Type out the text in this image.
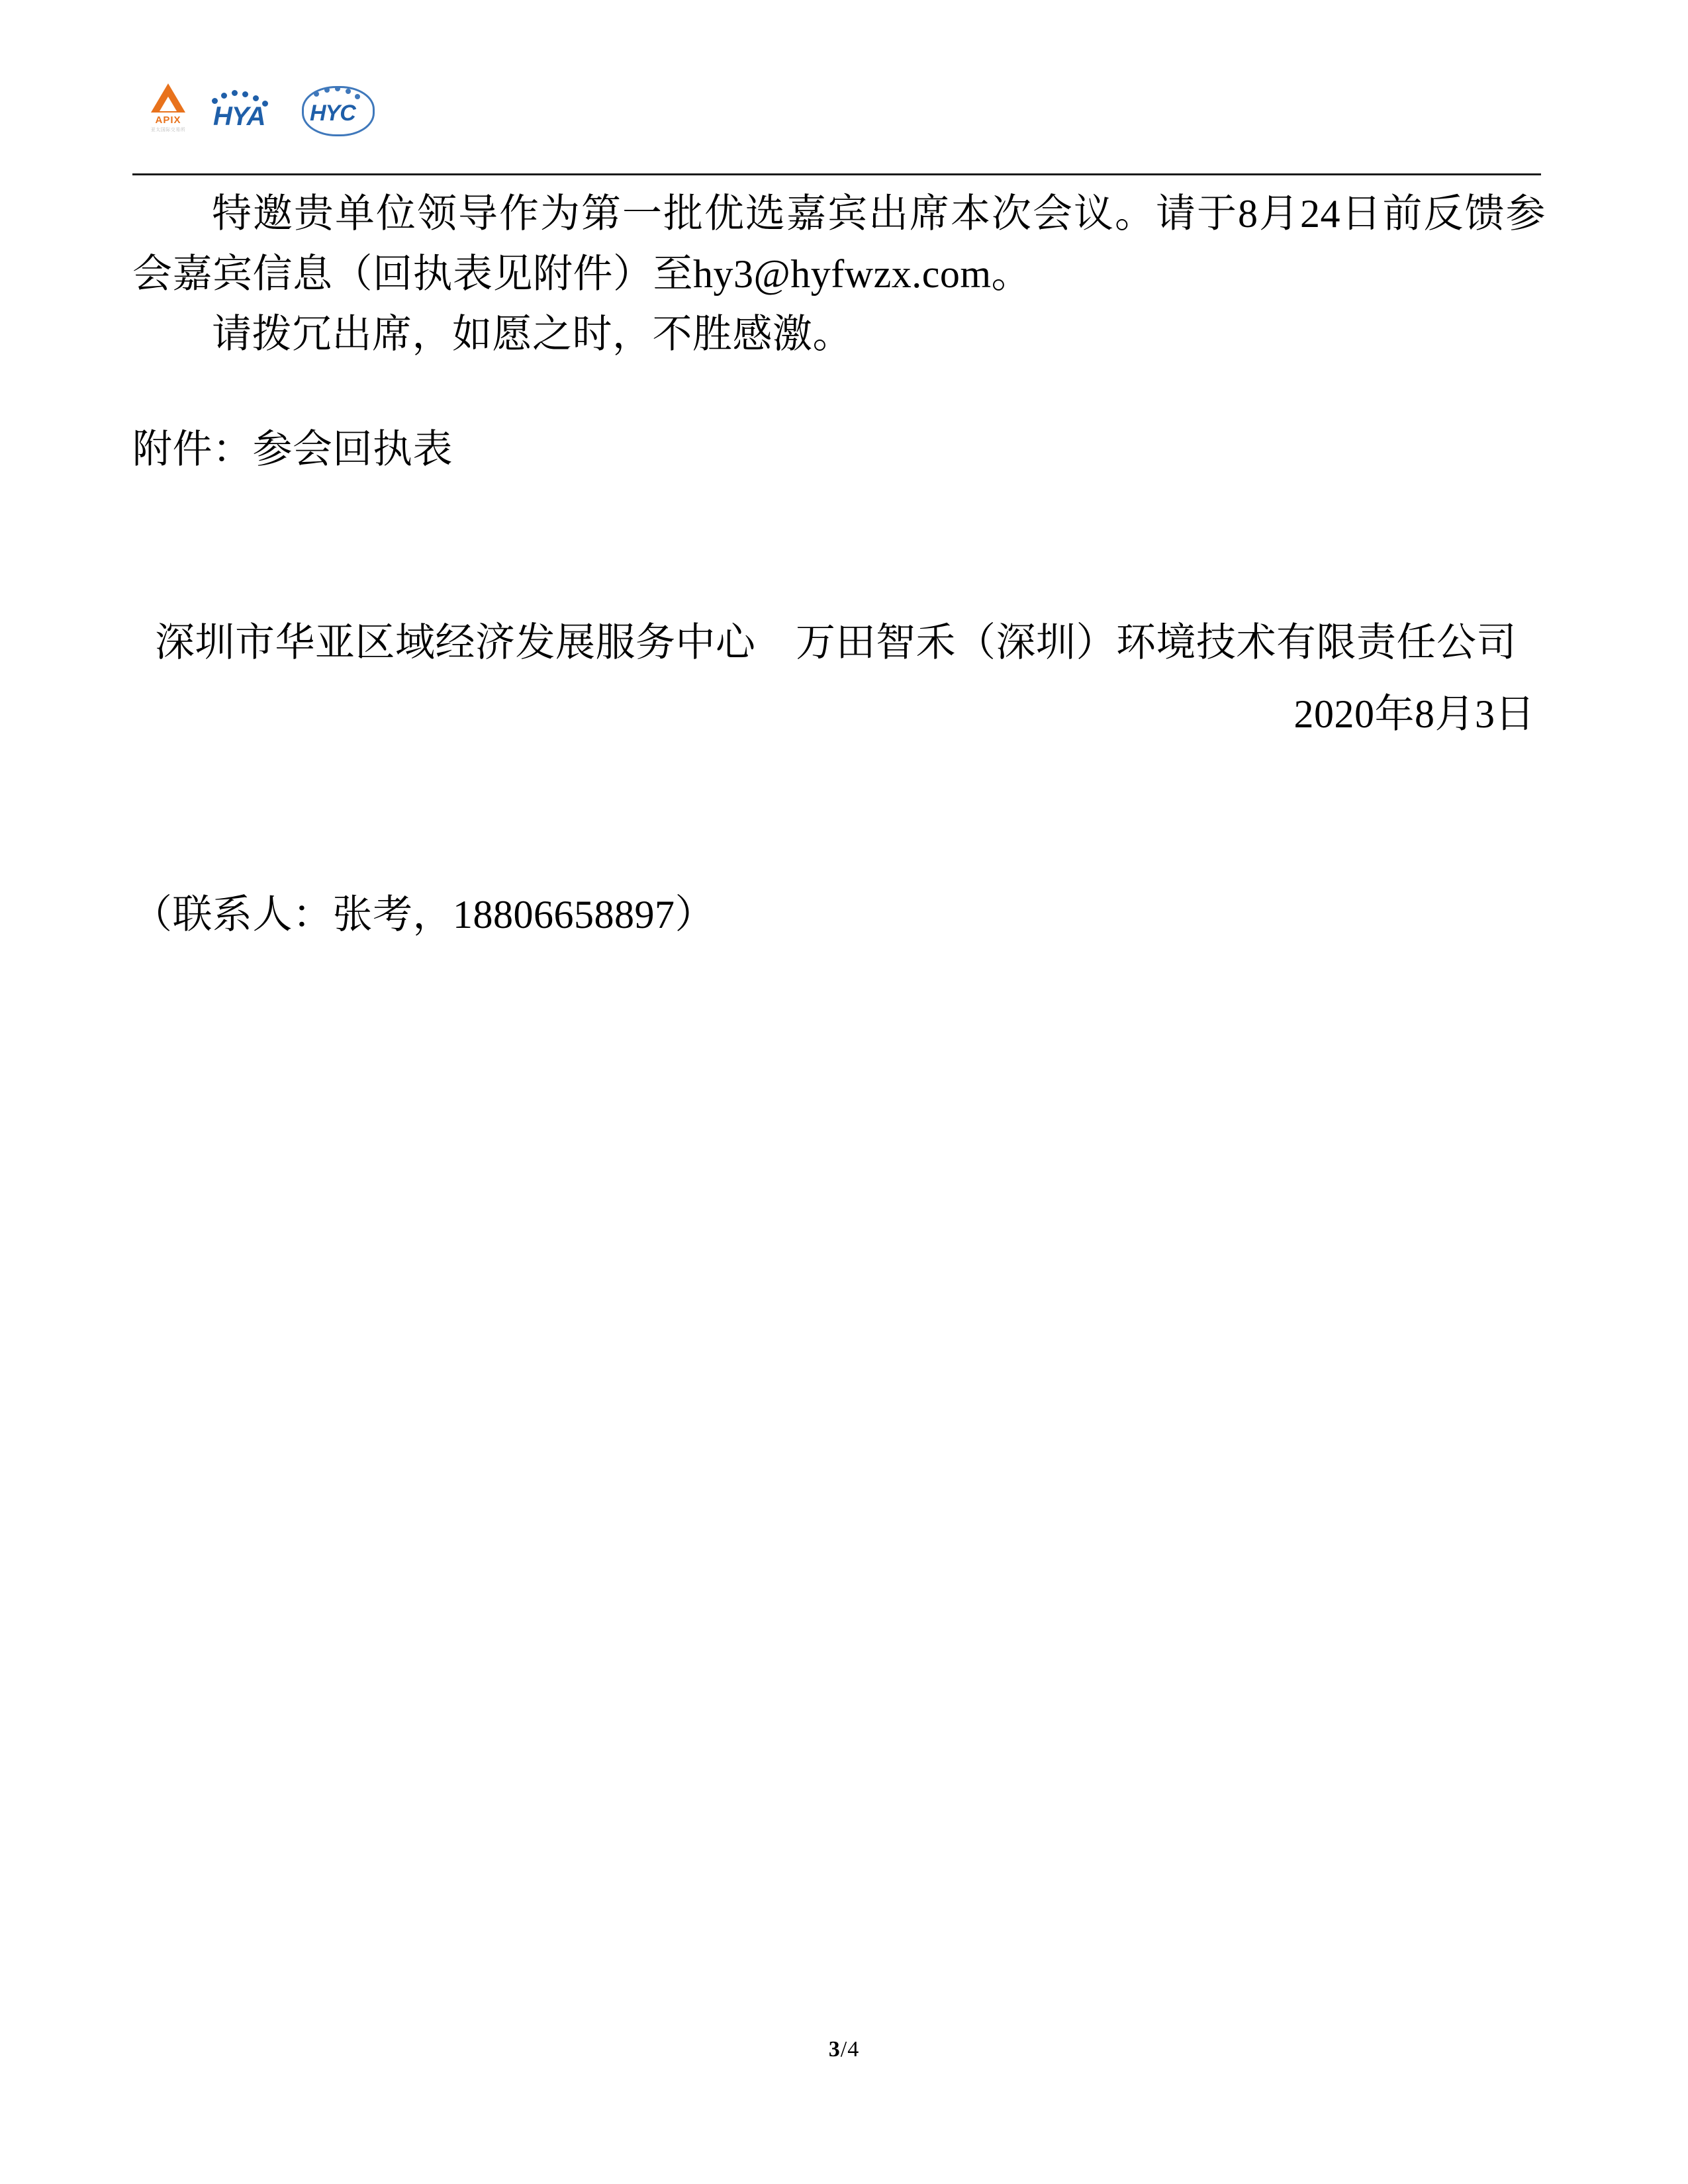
APIX
亚太国际交易所 HYA HYC

特邀贵单位领导作为第一批优选嘉宾出席本次会议。请于8月24日前反馈参会嘉宾信息（回执表见附件）至hy3@hyfwzx.com。

请拨冗出席，如愿之时，不胜感激。

附件：参会回执表

深圳市华亚区域经济发展服务中心　万田智禾（深圳）环境技术有限责任公司
2020年8月3日

（联系人：张考，18806658897）

3/4
